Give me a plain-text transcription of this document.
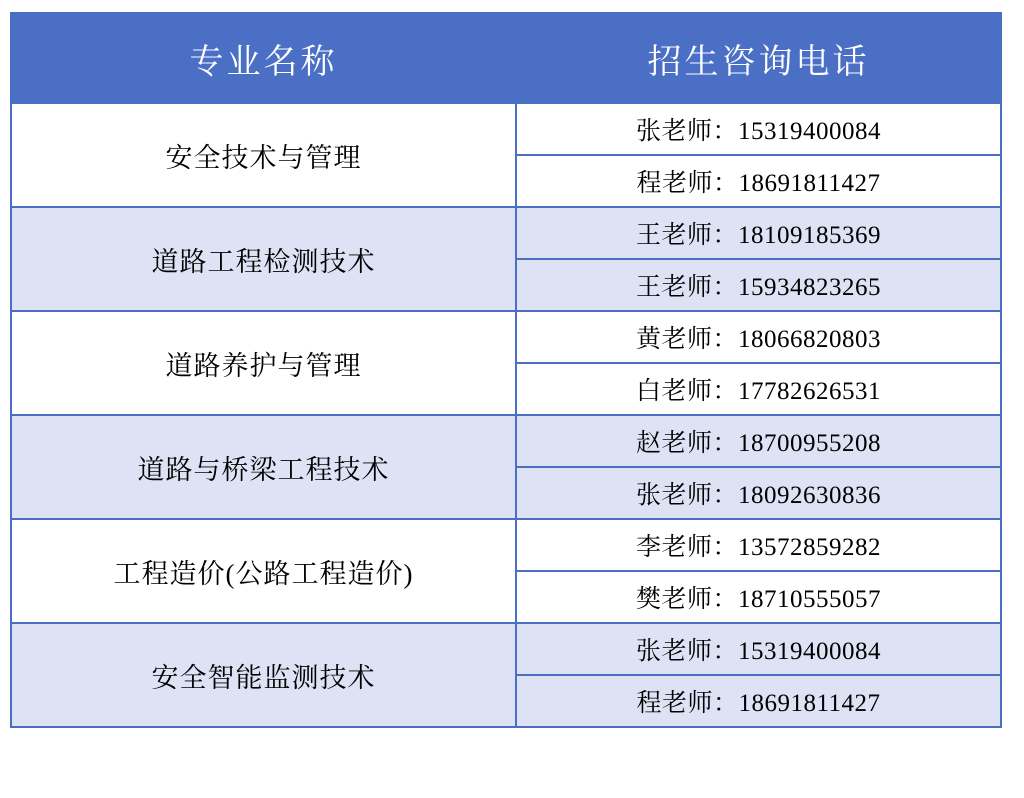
专业名称	招生咨询电话
安全技术与管理	张老师：15319400084
	程老师：18691811427
道路工程检测技术	王老师：18109185369
	王老师：15934823265
道路养护与管理	黄老师：18066820803
	白老师：17782626531
道路与桥梁工程技术	赵老师：18700955208
	张老师：18092630836
工程造价(公路工程造价)	李老师：13572859282
	樊老师：18710555057
安全智能监测技术	张老师：15319400084
	程老师：18691811427
